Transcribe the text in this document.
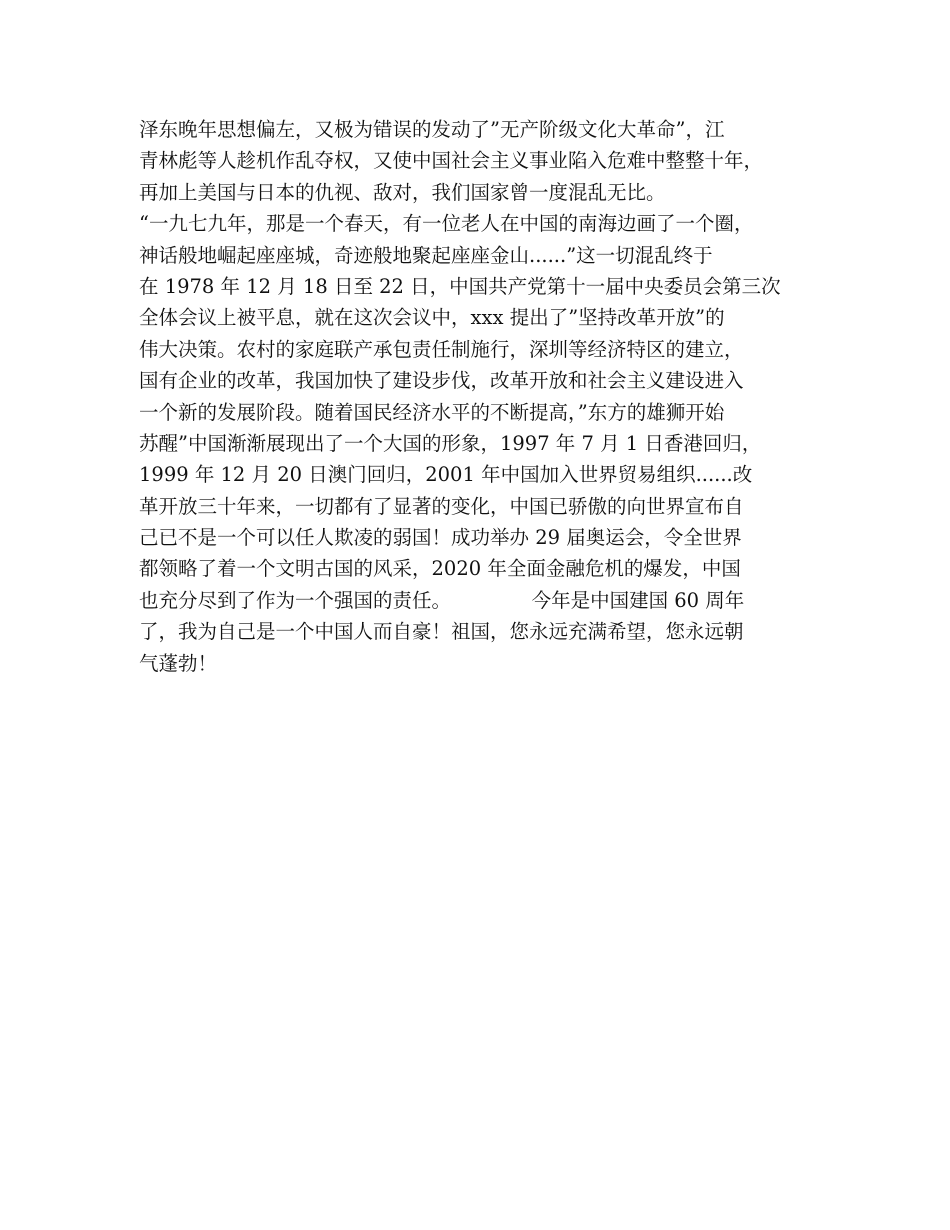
泽东晚年思想偏左，又极为错误的发动了”无产阶级文化大革命”，江
青林彪等人趁机作乱夺权，又使中国社会主义事业陷入危难中整整十年，
再加上美国与日本的仇视、敌对，我们国家曾一度混乱无比。
“一九七九年，那是一个春天，有一位老人在中国的南海边画了一个圈，
神话般地崛起座座城，奇迹般地聚起座座金山......”这一切混乱终于
在 1978 年 12 月 18 日至 22 日，中国共产党第十一届中央委员会第三次
全体会议上被平息，就在这次会议中，xxx 提出了”坚持改革开放”的
伟大决策。农村的家庭联产承包责任制施行，深圳等经济特区的建立，
国有企业的改革，我国加快了建设步伐，改革开放和社会主义建设进入
一个新的发展阶段。随着国民经济水平的不断提高，”东方的雄狮开始
苏醒”中国渐渐展现出了一个大国的形象，1997 年 7 月 1 日香港回归，
1999 年 12 月 20 日澳门回归，2001 年中国加入世界贸易组织......改
革开放三十年来，一切都有了显著的变化，中国已骄傲的向世界宣布自
己已不是一个可以任人欺凌的弱国！成功举办 29 届奥运会，令全世界
都领略了着一个文明古国的风采，2020 年全面金融危机的爆发，中国
也充分尽到了作为一个强国的责任。             今年是中国建国 60 周年
了，我为自己是一个中国人而自豪！祖国，您永远充满希望，您永远朝
气蓬勃！
